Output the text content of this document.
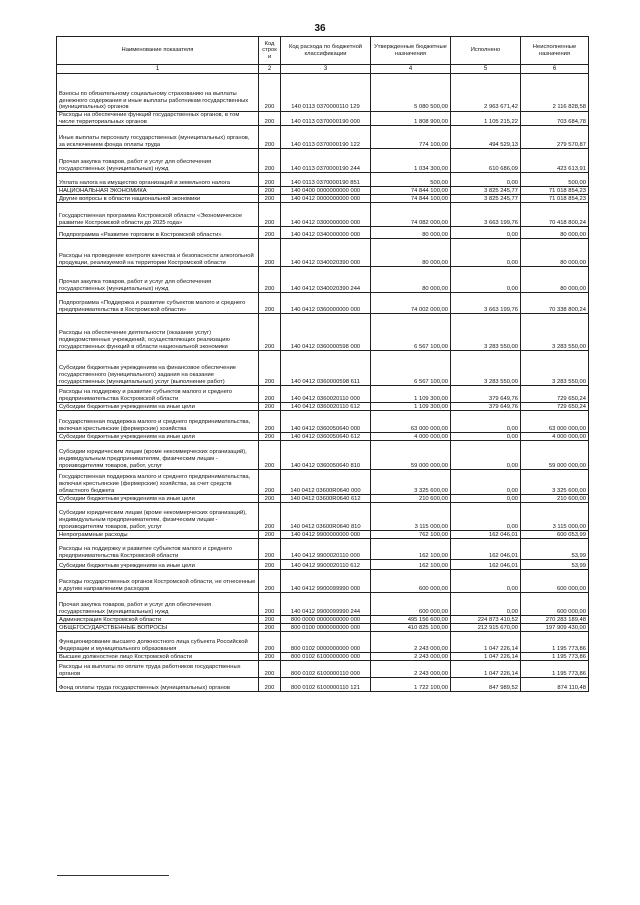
36
Наименование показателя	Код строк и	Код расхода по бюджетной классификации	Утвержденные бюджетные назначения	Исполнено	Неисполненные назначения
1	2	3	4	5	6
Взносы по обязательному социальному страхованию на выплаты денежного содержания и иные выплаты работникам государственных (муниципальных) органов	200	140 0113 0370000110 129	5 080 500,00	2 963 671,42	2 116 828,58
Расходы на обеспечение функций государственных органов, в том числе территориальных органов	200	140 0113 0370000190 000	1 808 900,00	1 105 215,22	703 684,78
Иные выплаты персоналу государственных (муниципальных) органов, за исключением фонда оплаты труда	200	140 0113 0370000190 122	774 100,00	494 529,13	279 570,87
Прочая закупка товаров, работ и услуг для обеспечения государственных (муниципальных) нужд	200	140 0113 0370000190 244	1 034 300,00	610 686,09	423 613,91
Уплата налога на имущество организаций и земельного налога	200	140 0113 0370000190 851	500,00	0,00	500,00
НАЦИОНАЛЬНАЯ ЭКОНОМИКА	200	140 0400 0000000000 000	74 844 100,00	3 825 245,77	71 018 854,23
Другие вопросы в области национальной экономики	200	140 0412 0000000000 000	74 844 100,00	3 825 245,77	71 018 854,23
Государственная программа Костромской области «Экономическое развитие Костромской области до 2025 года»	200	140 0412 0300000000 000	74 082 000,00	3 663 199,76	70 418 800,24
Подпрограмма «Развитие торговли в Костромской области»	200	140 0412 0340000000 000	80 000,00	0,00	80 000,00
Расходы на проведение контроля качества и безопасности алкогольной продукции, реализуемой на территории Костромской области	200	140 0412 0340020390 000	80 000,00	0,00	80 000,00
Прочая закупка товаров, работ и услуг для обеспечения государственных (муниципальных) нужд	200	140 0412 0340020390 244	80 000,00	0,00	80 000,00
Подпрограмма «Поддержка и развитие субъектов малого и среднего предпринимательства в Костромской области»	200	140 0412 0360000000 000	74 002 000,00	3 663 199,76	70 338 800,24
Расходы на обеспечение деятельности (оказание услуг) подведомственных учреждений, осуществляющих реализацию государственных функций в области национальной экономики	200	140 0412 0360000598 000	6 567 100,00	3 283 550,00	3 283 550,00
Субсидии бюджетным учреждениям на финансовое обеспечение государственного (муниципального) задания на оказание государственных (муниципальных) услуг (выполнение работ)	200	140 0412 0360000598 611	6 567 100,00	3 283 550,00	3 283 550,00
Расходы на поддержку и развитие субъектов малого и среднего предпринимательства Костромской области	200	140 0412 0360020110 000	1 109 300,00	379 649,76	729 650,24
Субсидии бюджетным учреждениям на иные цели	200	140 0412 0360020110 612	1 109 300,00	379 649,76	729 650,24
Государственная поддержка малого и среднего предпринимательства, включая крестьянские (фермерские) хозяйства	200	140 0412 0360050640 000	63 000 000,00	0,00	63 000 000,00
Субсидии бюджетным учреждениям на иные цели	200	140 0412 0360050640 612	4 000 000,00	0,00	4 000 000,00
Субсидии юридическим лицам (кроме некоммерческих организаций), индивидуальным предпринимателям, физическим лицам - производителям товаров, работ, услуг	200	140 0412 0360050640 810	59 000 000,00	0,00	59 000 000,00
Государственная поддержка малого и среднего предпринимательства, включая крестьянские (фермерские) хозяйства, за счет средств областного бюджета	200	140 0412 03600R0640 000	3 325 600,00	0,00	3 325 600,00
Субсидии бюджетным учреждениям на иные цели	200	140 0412 03600R0640 612	210 600,00	0,00	210 600,00
Субсидии юридическим лицам (кроме некоммерческих организаций), индивидуальным предпринимателям, физическим лицам - производителям товаров, работ, услуг	200	140 0412 03600R0640 810	3 115 000,00	0,00	3 115 000,00
Непрограммные расходы	200	140 0412 9900000000 000	762 100,00	162 046,01	600 053,99
Расходы на поддержку и развитие субъектов малого и среднего предпринимательства Костромской области	200	140 0412 9900020110 000	162 100,00	162 046,01	53,99
Субсидии бюджетным учреждениям на иные цели	200	140 0412 9900020110 612	162 100,00	162 046,01	53,99
Расходы государственных органов Костромской области, не отнесенные к другим направлениям расходов	200	140 0412 9900099990 000	600 000,00	0,00	600 000,00
Прочая закупка товаров, работ и услуг для обеспечения государственных (муниципальных) нужд	200	140 0412 9900099990 244	600 000,00	0,00	600 000,00
Администрация Костромской области	200	800 0000 0000000000 000	495 156 600,00	224 873 410,52	270 283 189,48
ОБЩЕГОСУДАРСТВЕННЫЕ ВОПРОСЫ	200	800 0100 0000000000 000	410 825 100,00	212 915 670,00	197 909 430,00
Функционирование высшего должностного лица субъекта Российской Федерации и муниципального образования	200	800 0102 0000000000 000	2 243 000,00	1 047 226,14	1 195 773,86
Высшее должностное лицо Костромской области	200	800 0102 6100000000 000	2 243 000,00	1 047 226,14	1 195 773,86
Расходы на выплаты по оплате труда работников государственных органов	200	800 0102 6100000110 000	2 243 000,00	1 047 226,14	1 195 773,86
Фонд оплаты труда государственных (муниципальных) органов	200	800 0102 6100000110 121	1 722 100,00	847 989,52	874 110,48
